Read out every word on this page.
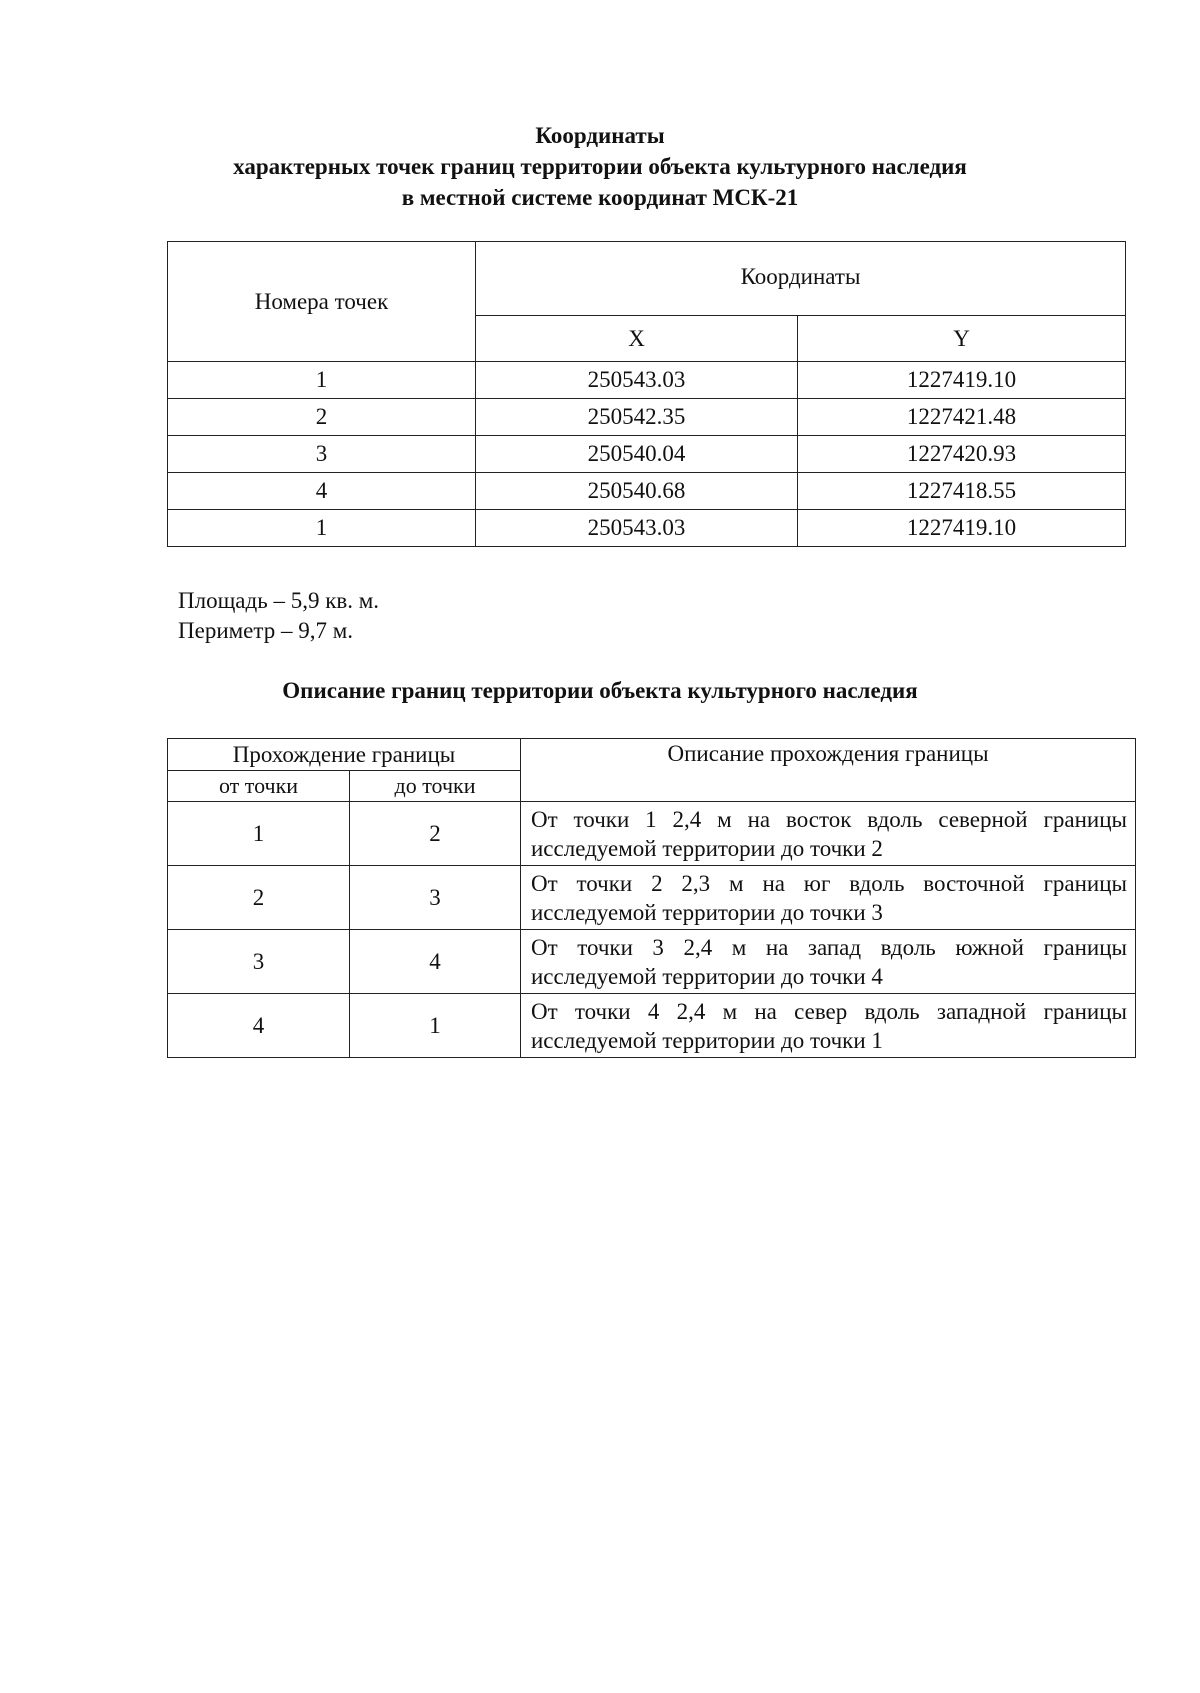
Координаты
характерных точек границ территории объекта культурного наследия
в местной системе координат МСК-21
Номера точек	Координаты	
	X	Y
1	250543.03	1227419.10
2	250542.35	1227421.48
3	250540.04	1227420.93
4	250540.68	1227418.55
1	250543.03	1227419.10
Площадь – 5,9 кв. м.
Периметр – 9,7 м.
Описание границ территории объекта культурного наследия
Прохождение границы		Описание прохождения границы
от точки	до точки	
1	2	От точки 1 2,4 м на восток вдоль северной границы исследуемой территории до точки 2
2	3	От точки 2 2,3 м на юг вдоль восточной границы исследуемой территории до точки 3
3	4	От точки 3 2,4 м на запад вдоль южной границы исследуемой территории до точки 4
4	1	От точки 4 2,4 м на север вдоль западной границы исследуемой территории до точки 1
